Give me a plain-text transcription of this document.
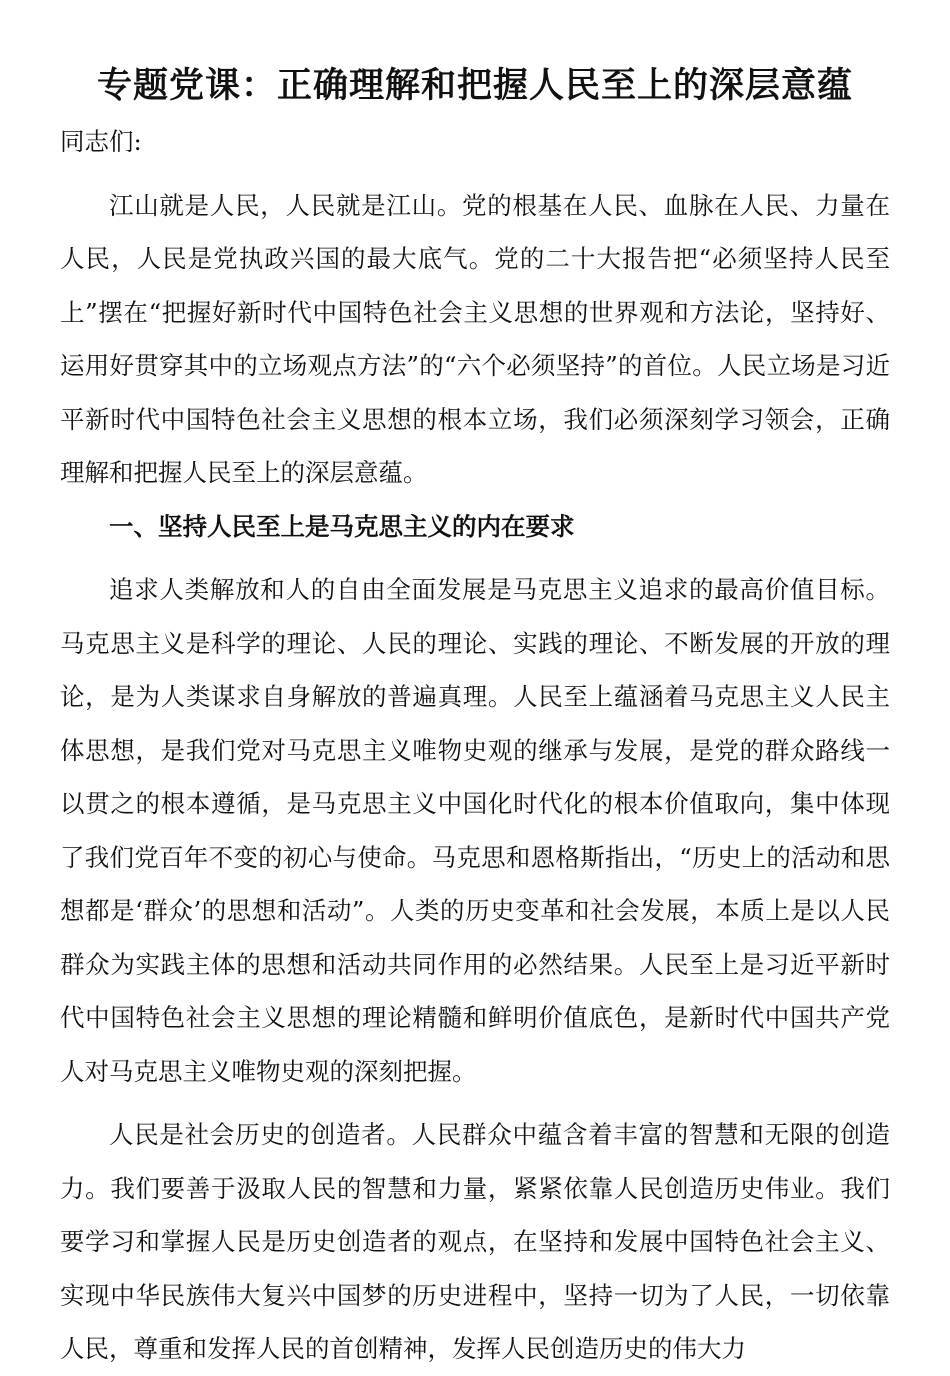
专题党课：正确理解和把握人民至上的深层意蕴

同志们:

江山就是人民，人民就是江山。党的根基在人民、血脉在人民、力量在人民，人民是党执政兴国的最大底气。党的二十大报告把“必须坚持人民至上”摆在“把握好新时代中国特色社会主义思想的世界观和方法论，坚持好、运用好贯穿其中的立场观点方法”的“六个必须坚持”的首位。人民立场是习近平新时代中国特色社会主义思想的根本立场，我们必须深刻学习领会，正确理解和把握人民至上的深层意蕴。

一、坚持人民至上是马克思主义的内在要求

追求人类解放和人的自由全面发展是马克思主义追求的最高价值目标。马克思主义是科学的理论、人民的理论、实践的理论、不断发展的开放的理论，是为人类谋求自身解放的普遍真理。人民至上蕴涵着马克思主义人民主体思想，是我们党对马克思主义唯物史观的继承与发展，是党的群众路线一以贯之的根本遵循，是马克思主义中国化时代化的根本价值取向，集中体现了我们党百年不变的初心与使命。马克思和恩格斯指出，“历史上的活动和思想都是‘群众’的思想和活动”。人类的历史变革和社会发展，本质上是以人民群众为实践主体的思想和活动共同作用的必然结果。人民至上是习近平新时代中国特色社会主义思想的理论精髓和鲜明价值底色，是新时代中国共产党人对马克思主义唯物史观的深刻把握。

人民是社会历史的创造者。人民群众中蕴含着丰富的智慧和无限的创造力。我们要善于汲取人民的智慧和力量，紧紧依靠人民创造历史伟业。我们要学习和掌握人民是历史创造者的观点，在坚持和发展中国特色社会主义、实现中华民族伟大复兴中国梦的历史进程中，坚持一切为了人民，一切依靠人民，尊重和发挥人民的首创精神，发挥人民创造历史的伟大力
